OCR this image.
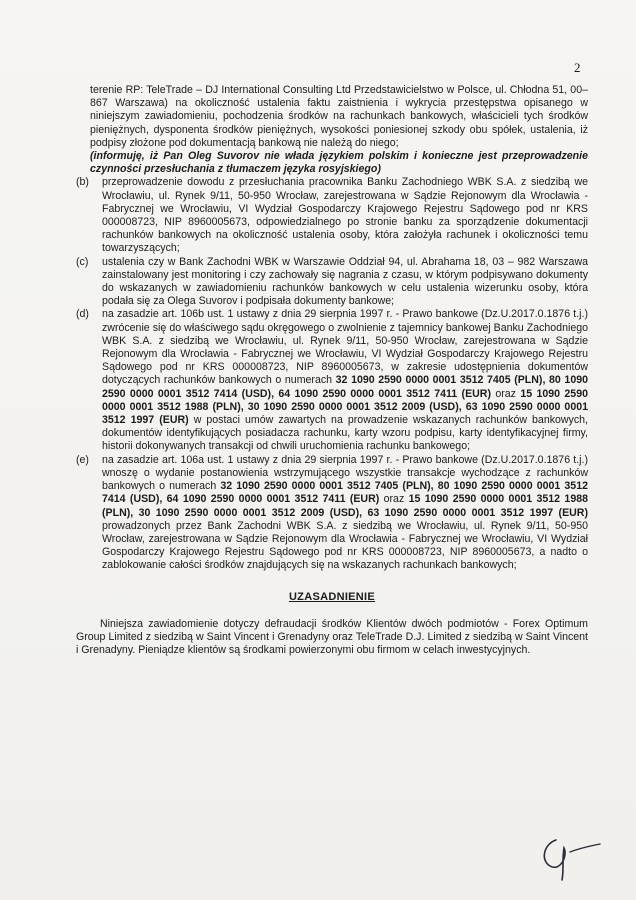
2

terenie RP: TeleTrade – DJ International Consulting Ltd Przedstawicielstwo w Polsce, ul. Chłodna 51, 00–867 Warszawa) na okoliczność ustalenia faktu zaistnienia i wykrycia przestępstwa opisanego w niniejszym zawiadomieniu, pochodzenia środków na rachunkach bankowych, właścicieli tych środków pieniężnych, dysponenta środków pieniężnych, wysokości poniesionej szkody obu spółek, ustalenia, iż podpisy złożone pod dokumentacją bankową nie należą do niego;

(informuję, iż Pan Oleg Suvorov nie włada językiem polskim i konieczne jest przeprowadzenie czynności przesłuchania z tłumaczem języka rosyjskiego)
(b)	przeprowadzenie dowodu z przesłuchania pracownika Banku Zachodniego WBK S.A. z siedzibą we Wrocławiu, ul. Rynek 9/11, 50-950 Wrocław, zarejestrowana w Sądzie Rejonowym dla Wrocławia - Fabrycznej we Wrocławiu, VI Wydział Gospodarczy Krajowego Rejestru Sądowego pod nr KRS 000008723, NIP 8960005673, odpowiedzialnego po stronie banku za sporządzenie dokumentacji rachunków bankowych na okoliczność ustalenia osoby, która założyła rachunek i okoliczności temu towarzyszących;
(c)	ustalenia czy w Bank Zachodni WBK w Warszawie Oddział 94, ul. Abrahama 18, 03 – 982 Warszawa zainstalowany jest monitoring i czy zachowały się nagrania z czasu, w którym podpisywano dokumenty do wskazanych w zawiadomieniu rachunków bankowych w celu ustalenia wizerunku osoby, która podała się za Olega Suvorov i podpisała dokumenty bankowe;
(d)	na zasadzie art. 106b ust. 1 ustawy z dnia 29 sierpnia 1997 r. - Prawo bankowe (Dz.U.2017.0.1876 t.j.) zwrócenie się do właściwego sądu okręgowego o zwolnienie z tajemnicy bankowej Banku Zachodniego WBK S.A. z siedzibą we Wrocławiu, ul. Rynek 9/11, 50-950 Wrocław, zarejestrowana w Sądzie Rejonowym dla Wrocławia - Fabrycznej we Wrocławiu, VI Wydział Gospodarczy Krajowego Rejestru Sądowego pod nr KRS 000008723, NIP 8960005673, w zakresie udostępnienia dokumentów dotyczących rachunków bankowych o numerach 32 1090 2590 0000 0001 3512 7405 (PLN), 80 1090 2590 0000 0001 3512 7414 (USD), 64 1090 2590 0000 0001 3512 7411 (EUR) oraz 15 1090 2590 0000 0001 3512 1988 (PLN), 30 1090 2590 0000 0001 3512 2009 (USD), 63 1090 2590 0000 0001 3512 1997 (EUR) w postaci umów zawartych na prowadzenie wskazanych rachunków bankowych, dokumentów identyfikujących posiadacza rachunku, karty wzoru podpisu, karty identyfikacyjnej firmy, historii dokonywanych transakcji od chwili uruchomienia rachunku bankowego;
(e)	na zasadzie art. 106a ust. 1 ustawy z dnia 29 sierpnia 1997 r. - Prawo bankowe (Dz.U.2017.0.1876 t.j.) wnoszę o wydanie postanowienia wstrzymującego wszystkie transakcje wychodzące z rachunków bankowych o numerach 32 1090 2590 0000 0001 3512 7405 (PLN), 80 1090 2590 0000 0001 3512 7414 (USD), 64 1090 2590 0000 0001 3512 7411 (EUR) oraz 15 1090 2590 0000 0001 3512 1988 (PLN), 30 1090 2590 0000 0001 3512 2009 (USD), 63 1090 2590 0000 0001 3512 1997 (EUR) prowadzonych przez Bank Zachodni WBK S.A. z siedzibą we Wrocławiu, ul. Rynek 9/11, 50-950 Wrocław, zarejestrowana w Sądzie Rejonowym dla Wrocławia - Fabrycznej we Wrocławiu, VI Wydział Gospodarczy Krajowego Rejestru Sądowego pod nr KRS 000008723, NIP 8960005673, a nadto o zablokowanie całości środków znajdujących się na wskazanych rachunkach bankowych;
UZASADNIENIE

Niniejsza zawiadomienie dotyczy defraudacji środków Klientów dwóch podmiotów - Forex Optimum Group Limited z siedzibą w Saint Vincent i Grenadyny oraz TeleTrade D.J. Limited z siedzibą w Saint Vincent i Grenadyny. Pieniądze klientów są środkami powierzonymi obu firmom w celach inwestycyjnych.
